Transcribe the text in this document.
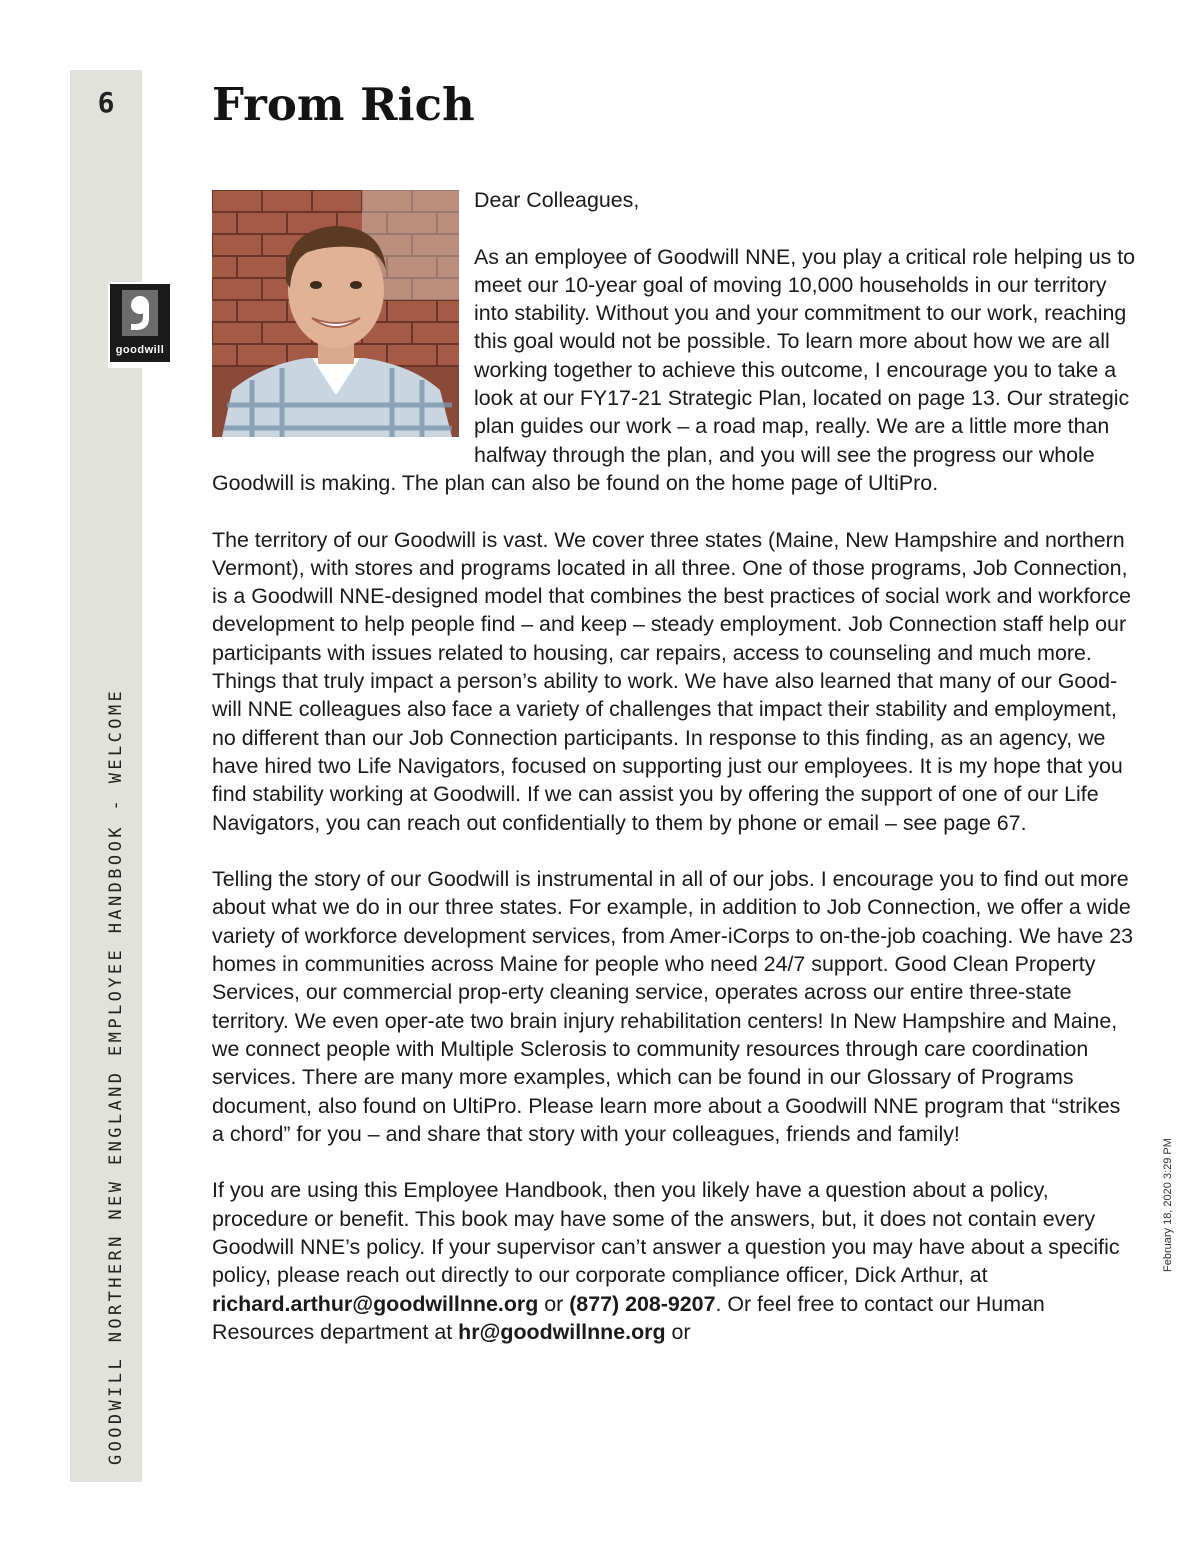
6
goodwill
GOODWILL NORTHERN NEW ENGLAND EMPLOYEE HANDBOOK - WELCOME	February 18, 2020 3:29 PM
From Rich

Dear Colleagues,

As an employee of Goodwill NNE, you play a critical role helping us to meet our 10-year goal of moving 10,000 households in our territory into stability. Without you and your commitment to our work, reaching this goal would not be possible. To learn more about how we are all working together to achieve this outcome, I encourage you to take a look at our FY17-21 Strategic Plan, located on page 13. Our strategic plan guides our work – a road map, really. We are a little more than halfway through the plan, and you will see the progress our whole Goodwill is making. The plan can also be found on the home page of UltiPro.

The territory of our Goodwill is vast. We cover three states (Maine, New Hampshire and northern Vermont), with stores and programs located in all three. One of those programs, Job Connection, is a Goodwill NNE-designed model that combines the best practices of social work and workforce development to help people find – and keep – steady employment. Job Connection staff help our participants with issues related to housing, car repairs, access to counseling and much more. Things that truly impact a person’s ability to work. We have also learned that many of our Good-will NNE colleagues also face a variety of challenges that impact their stability and employment, no different than our Job Connection participants. In response to this finding, as an agency, we have hired two Life Navigators, focused on supporting just our employees. It is my hope that you find stability working at Goodwill. If we can assist you by offering the support of one of our Life Navigators, you can reach out confidentially to them by phone or email – see page 67.

Telling the story of our Goodwill is instrumental in all of our jobs. I encourage you to find out more about what we do in our three states. For example, in addition to Job Connection, we offer a wide variety of workforce development services, from Amer-iCorps to on-the-job coaching. We have 23 homes in communities across Maine for people who need 24/7 support. Good Clean Property Services, our commercial prop-erty cleaning service, operates across our entire three-state territory. We even oper-ate two brain injury rehabilitation centers! In New Hampshire and Maine, we connect people with Multiple Sclerosis to community resources through care coordination services. There are many more examples, which can be found in our Glossary of Programs document, also found on UltiPro. Please learn more about a Goodwill NNE program that “strikes a chord” for you – and share that story with your colleagues, friends and family!

If you are using this Employee Handbook, then you likely have a question about a policy, procedure or benefit. This book may have some of the answers, but, it does not contain every Goodwill NNE’s policy. If your supervisor can’t answer a question you may have about a specific policy, please reach out directly to our corporate compliance officer, Dick Arthur, at richard.arthur@goodwillnne.org or (877) 208-9207. Or feel free to contact our Human Resources department at hr@goodwillnne.org or
